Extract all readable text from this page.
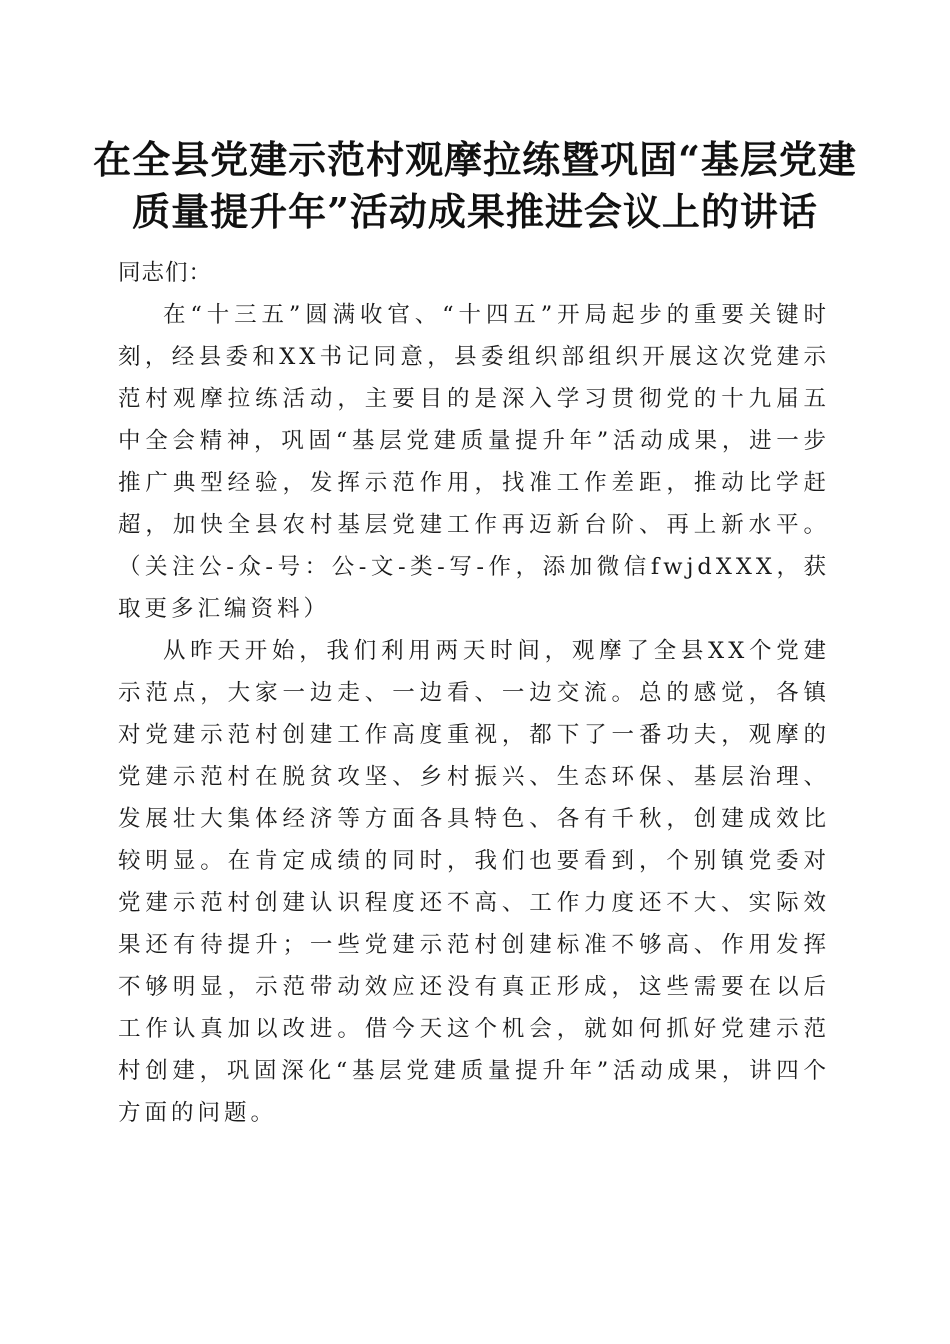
在全县党建示范村观摩拉练暨巩固“基层党建
质量提升年”活动成果推进会议上的讲话

同志们：

在“十三五”圆满收官、“十四五”开局起步的重要关键时刻，经县委和XX书记同意，县委组织部组织开展这次党建示范村观摩拉练活动，主要目的是深入学习贯彻党的十九届五中全会精神，巩固“基层党建质量提升年”活动成果，进一步推广典型经验，发挥示范作用，找准工作差距，推动比学赶超，加快全县农村基层党建工作再迈新台阶、再上新水平。（关注公-众-号：公-文-类-写-作，添加微信fwjdXXX，获取更多汇编资料）

从昨天开始，我们利用两天时间，观摩了全县XX个党建示范点，大家一边走、一边看、一边交流。总的感觉，各镇对党建示范村创建工作高度重视，都下了一番功夫，观摩的党建示范村在脱贫攻坚、乡村振兴、生态环保、基层治理、发展壮大集体经济等方面各具特色、各有千秋，创建成效比较明显。在肯定成绩的同时，我们也要看到，个别镇党委对党建示范村创建认识程度还不高、工作力度还不大、实际效果还有待提升；一些党建示范村创建标准不够高、作用发挥不够明显，示范带动效应还没有真正形成，这些需要在以后工作认真加以改进。借今天这个机会，就如何抓好党建示范村创建，巩固深化“基层党建质量提升年”活动成果，讲四个方面的问题。
